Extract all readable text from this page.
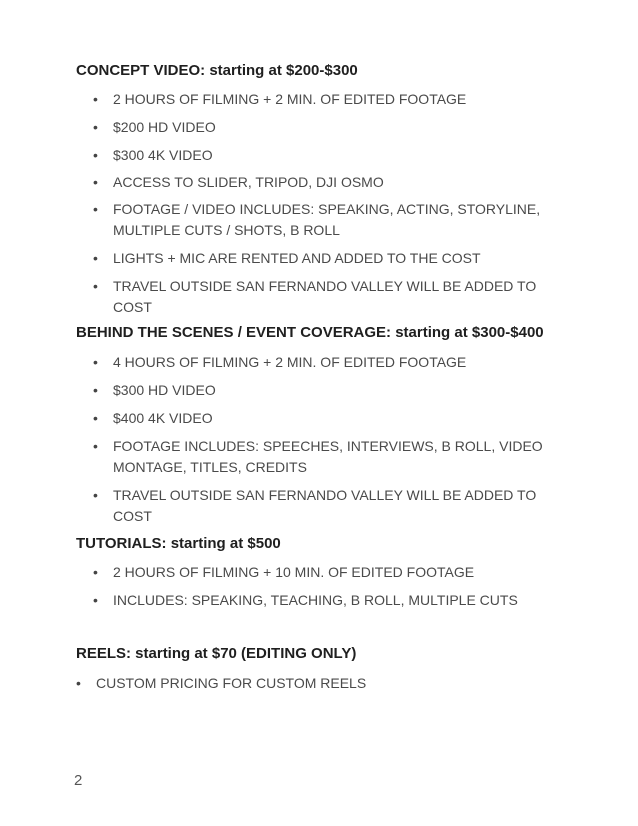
CONCEPT VIDEO: starting at $200-$300
•	2 HOURS OF FILMING + 2 MIN. OF EDITED FOOTAGE
•	$200 HD VIDEO
•	$300 4K VIDEO
•	ACCESS TO SLIDER, TRIPOD, DJI OSMO
•	FOOTAGE / VIDEO INCLUDES: SPEAKING, ACTING, STORYLINE, MULTIPLE CUTS / SHOTS, B ROLL
•	LIGHTS + MIC ARE RENTED AND ADDED TO THE COST
•	TRAVEL OUTSIDE SAN FERNANDO VALLEY WILL BE ADDED TO COST
BEHIND THE SCENES / EVENT COVERAGE: starting at $300-$400
•	4 HOURS OF FILMING + 2 MIN. OF EDITED FOOTAGE
•	$300 HD VIDEO
•	$400 4K VIDEO
•	FOOTAGE INCLUDES: SPEECHES, INTERVIEWS, B ROLL, VIDEO MONTAGE, TITLES, CREDITS
•	TRAVEL OUTSIDE SAN FERNANDO VALLEY WILL BE ADDED TO COST
TUTORIALS: starting at $500
•	2 HOURS OF FILMING + 10 MIN. OF EDITED FOOTAGE
•	INCLUDES: SPEAKING, TEACHING, B ROLL, MULTIPLE CUTS
REELS: starting at $70 (EDITING ONLY)
•	CUSTOM PRICING FOR CUSTOM REELS
2
